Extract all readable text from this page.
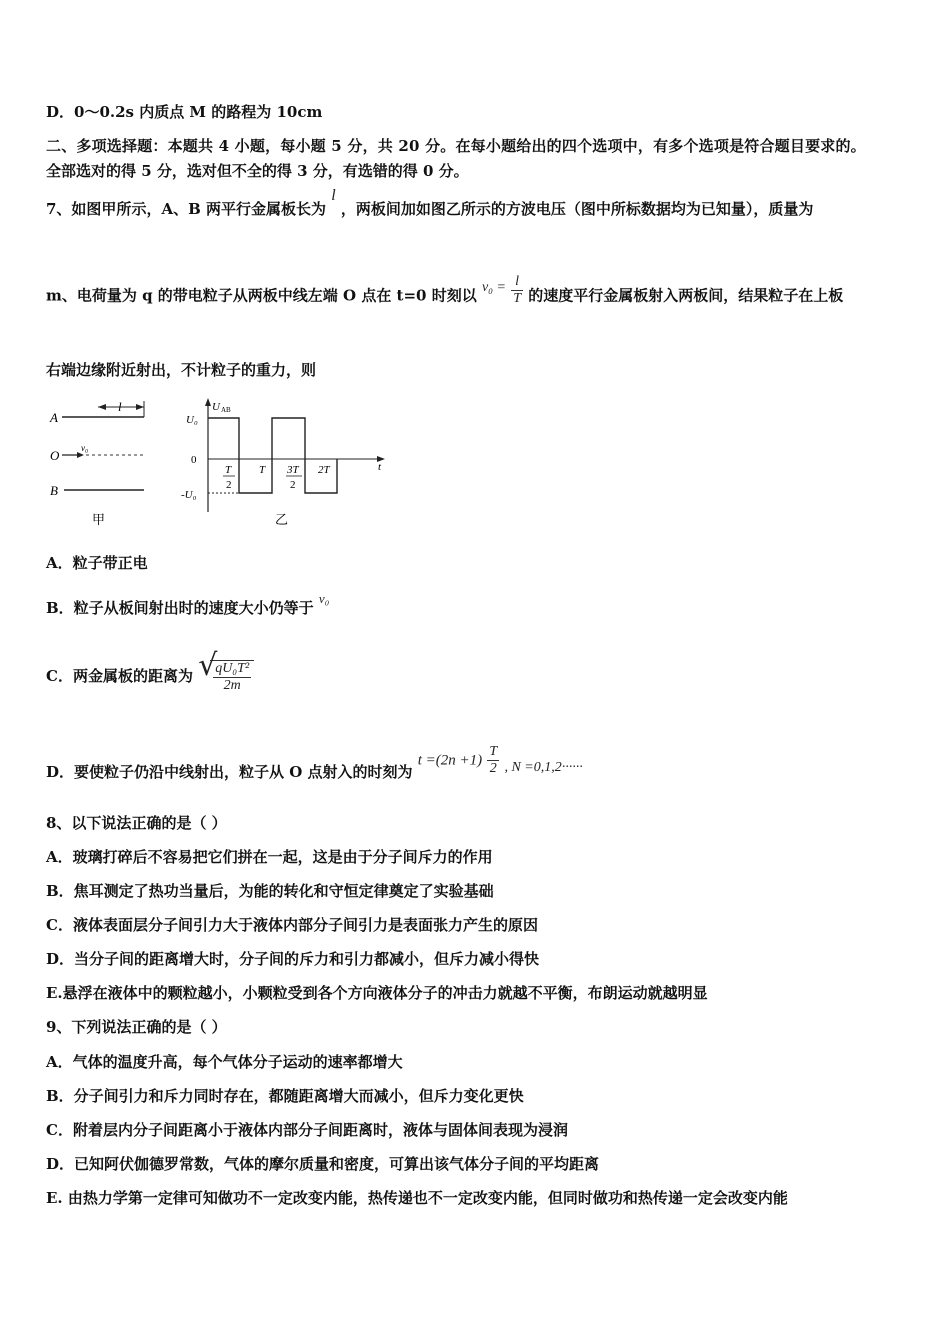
D．0～0.2s 内质点 M 的路程为 10cm
二、多项选择题：本题共 4 小题，每小题 5 分，共 20 分。在每小题给出的四个选项中，有多个选项是符合题目要求的。
全部选对的得 5 分，选对但不全的得 3 分，有选错的得 0 分。
7、如图甲所示，A、B 两平行金属板长为 l ，两板间加如图乙所示的方波电压（图中所标数据均为已知量），质量为
m、电荷量为 q 的带电粒子从两板中线左端 O 点在 t=0 时刻以 $v_0 = \frac{l}{T}$ 的速度平行金属板射入两板间，结果粒子在上板
右端边缘附近射出，不计粒子的重力，则
A
l
O v₀
B
甲
U AB
t
U₀
0
-U₀
T
2
T 3T
2
2T
乙
A．粒子带正电
B．粒子从板间射出时的速度大小仍等于 v₀
C．两金属板的距离为 √
$\frac{\text{qU₀T²}}{2m}$
D．要使粒子仍沿中线射出，粒子从 O 点射入的时刻为 $t =(2n +1) \frac{T}{2}$ , N =0,1,2······
8、以下说法正确的是（ ）
A．玻璃打碎后不容易把它们拼在一起，这是由于分子间斥力的作用
B．焦耳测定了热功当量后，为能的转化和守恒定律奠定了实验基础
C．液体表面层分子间引力大于液体内部分子间引力是表面张力产生的原因
D．当分子间的距离增大时，分子间的斥力和引力都减小，但斥力减小得快
E.悬浮在液体中的颗粒越小，小颗粒受到各个方向液体分子的冲击力就越不平衡，布朗运动就越明显
9、下列说法正确的是（ ）
A．气体的温度升高，每个气体分子运动的速率都增大
B．分子间引力和斥力同时存在，都随距离增大而减小，但斥力变化更快
C．附着层内分子间距离小于液体内部分子间距离时，液体与固体间表现为浸润
D．已知阿伏伽德罗常数，气体的摩尔质量和密度，可算出该气体分子间的平均距离
E. 由热力学第一定律可知做功不一定改变内能，热传递也不一定改变内能，但同时做功和热传递一定会改变内能
